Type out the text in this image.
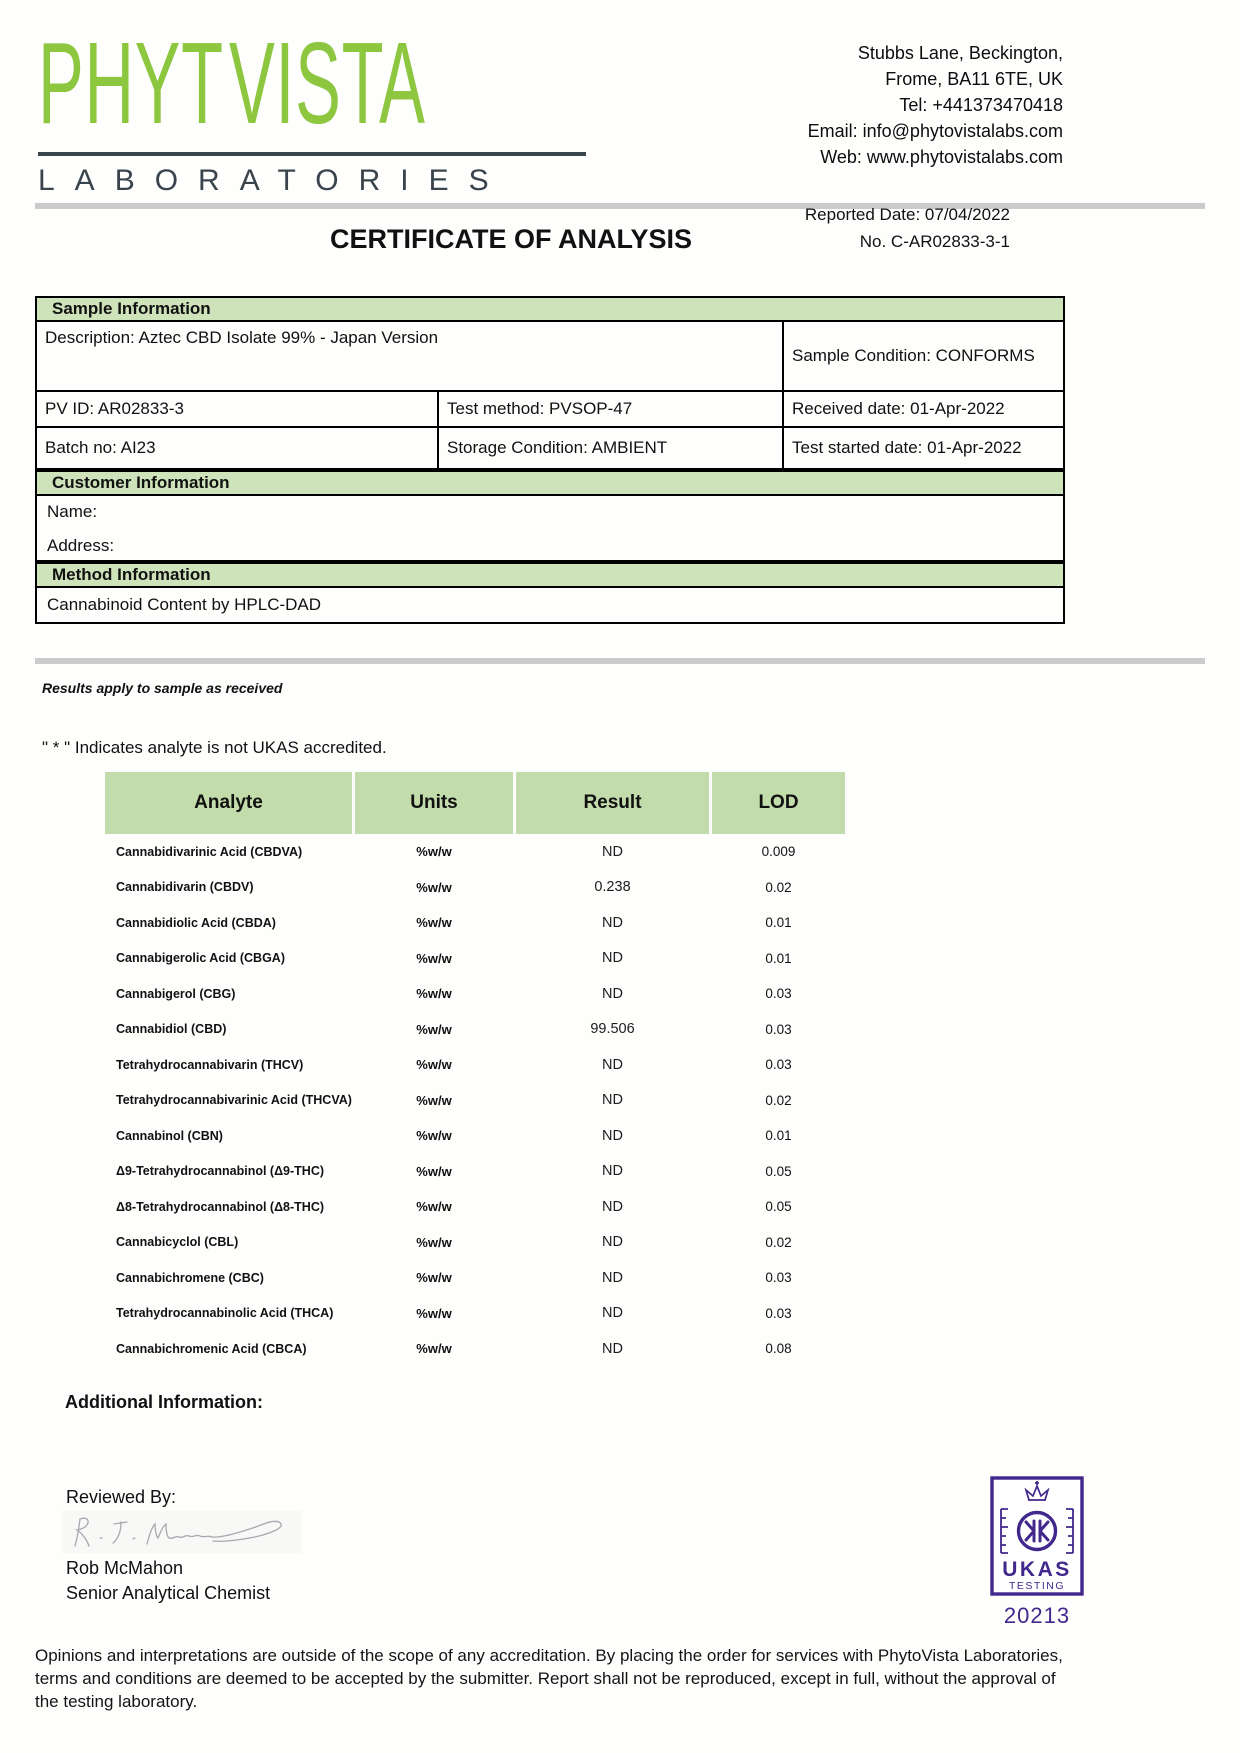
PHYT VISTA
LABORATORIES
Stubbs Lane, Beckington,
Frome, BA11 6TE, UK
Tel: +441373470418
Email: info@phytovistalabs.com
Web: www.phytovistalabs.com
Reported Date: 07/04/2022
No. C-AR02833-3-1
CERTIFICATE OF ANALYSIS
Sample Information
Description: Aztec CBD Isolate 99% - Japan Version
Sample Condition: CONFORMS
PV ID: AR02833-3	Test method: PVSOP-47	Received date: 01-Apr-2022
Batch no: AI23	Storage Condition: AMBIENT	Test started date: 01-Apr-2022
Customer Information
Name:
Address:
Method Information
Cannabinoid Content by HPLC-DAD
Results apply to sample as received
" * " Indicates analyte is not UKAS accredited.
Analyte	Units	Result	LOD
Cannabidivarinic Acid (CBDVA)	%w/w	ND	0.009
Cannabidivarin (CBDV)	%w/w	0.238	0.02
Cannabidiolic Acid (CBDA)	%w/w	ND	0.01
Cannabigerolic Acid (CBGA)	%w/w	ND	0.01
Cannabigerol (CBG)	%w/w	ND	0.03
Cannabidiol (CBD)	%w/w	99.506	0.03
Tetrahydrocannabivarin (THCV)	%w/w	ND	0.03
Tetrahydrocannabivarinic Acid (THCVA)	%w/w	ND	0.02
Cannabinol (CBN)	%w/w	ND	0.01
Δ9-Tetrahydrocannabinol (Δ9-THC)	%w/w	ND	0.05
Δ8-Tetrahydrocannabinol (Δ8-THC)	%w/w	ND	0.05
Cannabicyclol (CBL)	%w/w	ND	0.02
Cannabichromene (CBC)	%w/w	ND	0.03
Tetrahydrocannabinolic Acid (THCA)	%w/w	ND	0.03
Cannabichromenic Acid (CBCA)	%w/w	ND	0.08
Additional Information:
Reviewed By:
Rob McMahon
Senior Analytical Chemist
UKAS
TESTING
20213
Opinions and interpretations are outside of the scope of any accreditation. By placing the order for services with PhytoVista Laboratories,
terms and conditions are deemed to be accepted by the submitter. Report shall not be reproduced, except in full, without the approval of
the testing laboratory.
